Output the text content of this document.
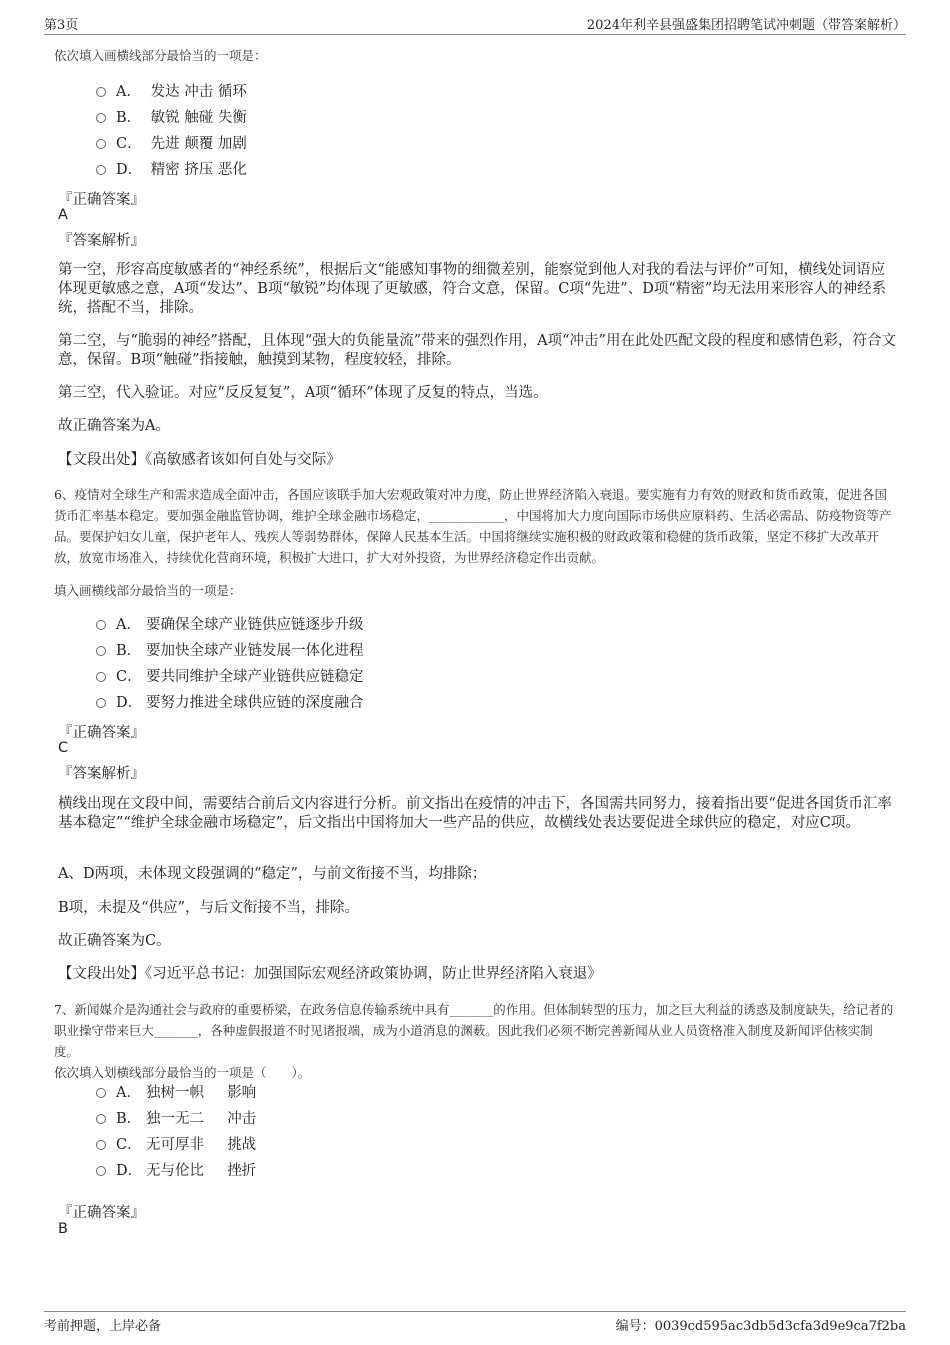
第3页	2024年利辛县强盛集团招聘笔试冲刺题（带答案解析）
依次填入画横线部分最恰当的一项是：
A． 发达 冲击 循环
B． 敏锐 触碰 失衡
C． 先进 颠覆 加剧
D． 精密 挤压 恶化
『正确答案』
A
『答案解析』
第一空，形容高度敏感者的“神经系统”，根据后文“能感知事物的细微差别，能察觉到他人对我的看法与评价”可知，横线处词语应体现更敏感之意，A项“发达”、B项“敏锐”均体现了更敏感，符合文意，保留。C项“先进”、D项“精密”均无法用来形容人的神经系统，搭配不当，排除。
第二空，与“脆弱的神经”搭配，且体现“强大的负能量流”带来的强烈作用，A项“冲击”用在此处匹配文段的程度和感情色彩，符合文意，保留。B项“触碰”指接触，触摸到某物，程度较轻，排除。
第三空，代入验证。对应“反反复复”，A项“循环”体现了反复的特点，当选。
故正确答案为A。
【文段出处】《高敏感者该如何自处与交际》
6、疫情对全球生产和需求造成全面冲击，各国应该联手加大宏观政策对冲力度，防止世界经济陷入衰退。要实施有力有效的财政和货币政策，促进各国货币汇率基本稳定。要加强金融监管协调，维护全球金融市场稳定，____________，中国将加大力度向国际市场供应原料药、生活必需品、防疫物资等产品。要保护妇女儿童，保护老年人、残疾人等弱势群体，保障人民基本生活。中国将继续实施积极的财政政策和稳健的货币政策，坚定不移扩大改革开放，放宽市场准入，持续优化营商环境，积极扩大进口，扩大对外投资，为世界经济稳定作出贡献。
填入画横线部分最恰当的一项是：
A． 要确保全球产业链供应链逐步升级
B． 要加快全球产业链发展一体化进程
C． 要共同维护全球产业链供应链稳定
D． 要努力推进全球供应链的深度融合
『正确答案』
C
『答案解析』
横线出现在文段中间，需要结合前后文内容进行分析。前文指出在疫情的冲击下，各国需共同努力，接着指出要“促进各国货币汇率基本稳定”“维护全球金融市场稳定”，后文指出中国将加大一些产品的供应，故横线处表达要促进全球供应的稳定，对应C项。
A、D两项，未体现文段强调的“稳定”，与前文衔接不当，均排除；
B项，未提及“供应”，与后文衔接不当，排除。
故正确答案为C。
【文段出处】《习近平总书记：加强国际宏观经济政策协调，防止世界经济陷入衰退》
7、新闻媒介是沟通社会与政府的重要桥梁，在政务信息传输系统中具有_______的作用。但体制转型的压力，加之巨大利益的诱惑及制度缺失，给记者的职业操守带来巨大_______，各种虚假报道不时见诸报端，成为小道消息的渊薮。因此我们必须不断完善新闻从业人员资格准入制度及新闻评估核实制度。
依次填入划横线部分最恰当的一项是（　　）。
A． 独树一帜 影响
B． 独一无二 冲击
C． 无可厚非 挑战
D． 无与伦比 挫折
『正确答案』
B
考前押题，上岸必备	编号：0039cd595ac3db5d3cfa3d9e9ca7f2ba
